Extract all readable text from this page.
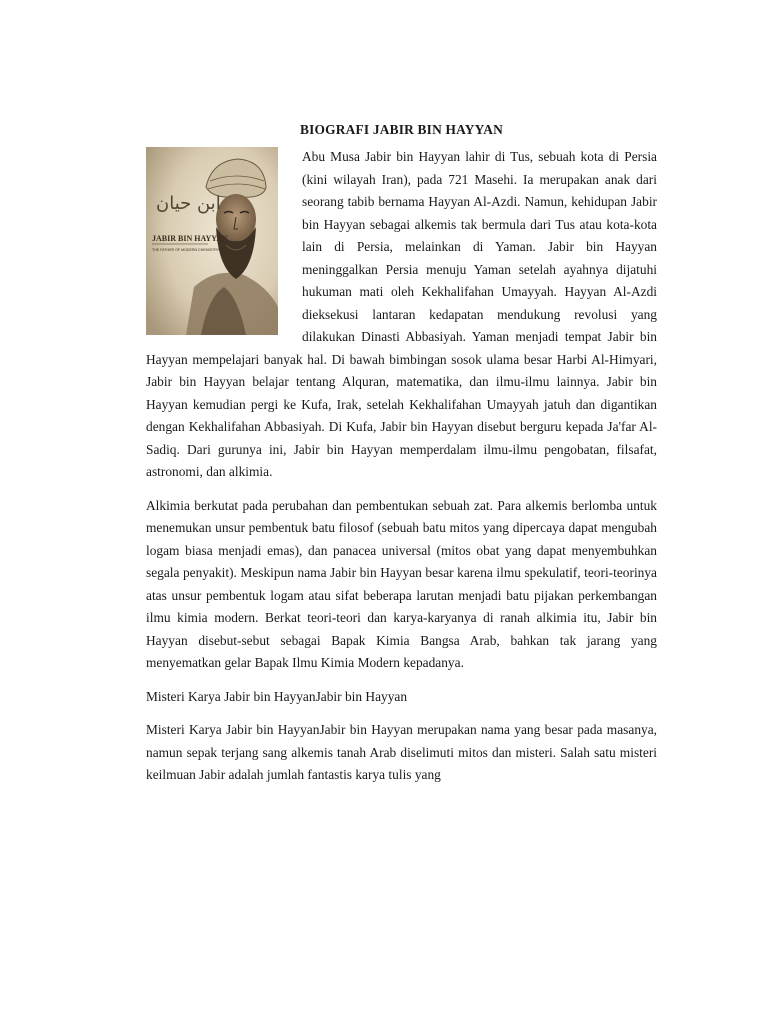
BIOGRAFI JABIR BIN HAYYAN
ابن حيان
JABIR BIN HAYYAN
THE FATHER OF MODERN CHEMISTRY

Abu Musa Jabir bin Hayyan lahir di Tus, sebuah kota di Persia (kini wilayah Iran), pada 721 Masehi. Ia merupakan anak dari seorang tabib bernama Hayyan Al-Azdi. Namun, kehidupan Jabir bin Hayyan sebagai alkemis tak bermula dari Tus atau kota-kota lain di Persia, melainkan di Yaman. Jabir bin Hayyan meninggalkan Persia menuju Yaman setelah ayahnya dijatuhi hukuman mati oleh Kekhalifahan Umayyah. Hayyan Al-Azdi dieksekusi lantaran kedapatan mendukung revolusi yang dilakukan Dinasti Abbasiyah. Yaman menjadi tempat Jabir bin Hayyan mempelajari banyak hal. Di bawah bimbingan sosok ulama besar Harbi Al-Himyari, Jabir bin Hayyan belajar tentang Alquran, matematika, dan ilmu-ilmu lainnya. Jabir bin Hayyan kemudian pergi ke Kufa, Irak, setelah Kekhalifahan Umayyah jatuh dan digantikan dengan Kekhalifahan Abbasiyah. Di Kufa, Jabir bin Hayyan disebut berguru kepada Ja'far Al-Sadiq. Dari gurunya ini, Jabir bin Hayyan memperdalam ilmu-ilmu pengobatan, filsafat, astronomi, dan alkimia.

Alkimia berkutat pada perubahan dan pembentukan sebuah zat. Para alkemis berlomba untuk menemukan unsur pembentuk batu filosof (sebuah batu mitos yang dipercaya dapat mengubah logam biasa menjadi emas), dan panacea universal (mitos obat yang dapat menyembuhkan segala penyakit). Meskipun nama Jabir bin Hayyan besar karena ilmu spekulatif, teori-teorinya atas unsur pembentuk logam atau sifat beberapa larutan menjadi batu pijakan perkembangan ilmu kimia modern. Berkat teori-teori dan karya-karyanya di ranah alkimia itu, Jabir bin Hayyan disebut-sebut sebagai Bapak Kimia Bangsa Arab, bahkan tak jarang yang menyematkan gelar Bapak Ilmu Kimia Modern kepadanya.

Misteri Karya Jabir bin HayyanJabir bin Hayyan

Misteri Karya Jabir bin HayyanJabir bin Hayyan merupakan nama yang besar pada masanya, namun sepak terjang sang alkemis tanah Arab diselimuti mitos dan misteri. Salah satu misteri keilmuan Jabir adalah jumlah fantastis karya tulis yang
